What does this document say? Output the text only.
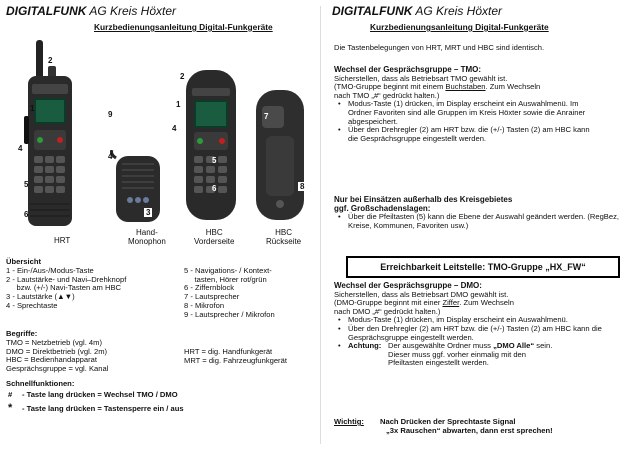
DIGITALFUNK AG Kreis Höxter
Kurzbedienungsanleitung Digital-Funkgeräte
HRT
Hand-
Monophon
HBC
Vorderseite
HBC
Rückseite
1
2
9
4
5
6
4
3
2
1
4
5
6
7
8
Übersicht
1 - Ein-/Aus-/Modus-Taste
2 - Lautstärke- und Navi–Drehknopf
bzw. (+/-) Navi-Tasten am HBC
3 - Lautstärke (▲▼)
4 - Sprechtaste
5 - Navigations- / Kontext-
tasten, Hörer rot/grün
6 - Ziffernblock
7 - Lautsprecher
8 - Mikrofon
9 - Lautsprecher / Mikrofon
Begriffe:
TMO = Netzbetrieb (vgl. 4m)
DMO = Direktbetrieb (vgl. 2m)
HBC = Bedienhandapparat
Gesprächsgruppe = vgl. Kanal
HRT = dig. Handfunkgerät
MRT = dig. Fahrzeugfunkgerät
Schnellfunktionen:
# - Taste lang drücken = Wechsel TMO / DMO
* - Taste lang drücken = Tastensperre ein / aus
DIGITALFUNK AG Kreis Höxter
Kurzbedienungsanleitung Digital-Funkgeräte
Die Tastenbelegungen von HRT, MRT und HBC sind identisch.
Wechsel der Gesprächsgruppe – TMO:
Sicherstellen, dass als Betriebsart TMO gewählt ist.
(TMO-Gruppe beginnt mit einem Buchstaben. Zum Wechseln
nach TMO „#“ gedrückt halten.)
• Modus-Taste (1) drücken, im Display erscheint ein Auswahlmenü. Im Ordner Favoriten sind alle Gruppen im Kreis Höxter sowie die Anrainer abgespeichert.
• Über den Drehregler (2) am HRT bzw. die (+/-) Tasten (2) am HBC kann die Gesprächsgruppe eingestellt werden.
Nur bei Einsätzen außerhalb des Kreisgebietes
ggf. Großschadenslagen:
• Über die Pfeiltasten (5) kann die Ebene der Auswahl geändert werden. (RegBez, Kreise, Kommunen, Favoriten usw.)
Erreichbarkeit Leitstelle: TMO-Gruppe „HX_FW“
Wechsel der Gesprächsgruppe – DMO:
Sicherstellen, dass als Betriebsart DMO gewählt ist.
(DMO-Gruppe beginnt mit einer Ziffer. Zum Wechseln
nach DMO „#“ gedrückt halten.)
• Modus-Taste (1) drücken, im Display erscheint ein Auswahlmenü.
• Über den Drehregler (2) am HRT bzw. die (+/-) Tasten (2) am HBC kann die Gesprächsgruppe eingestellt werden.
• Achtung: Der ausgewählte Ordner muss „DMO Alle“ sein.
Dieser muss ggf. vorher einmalig mit den
Pfeiltasten eingestellt werden.
Wichtig: Nach Drücken der Sprechtaste Signal
„3x Rauschen“ abwarten, dann erst sprechen!
